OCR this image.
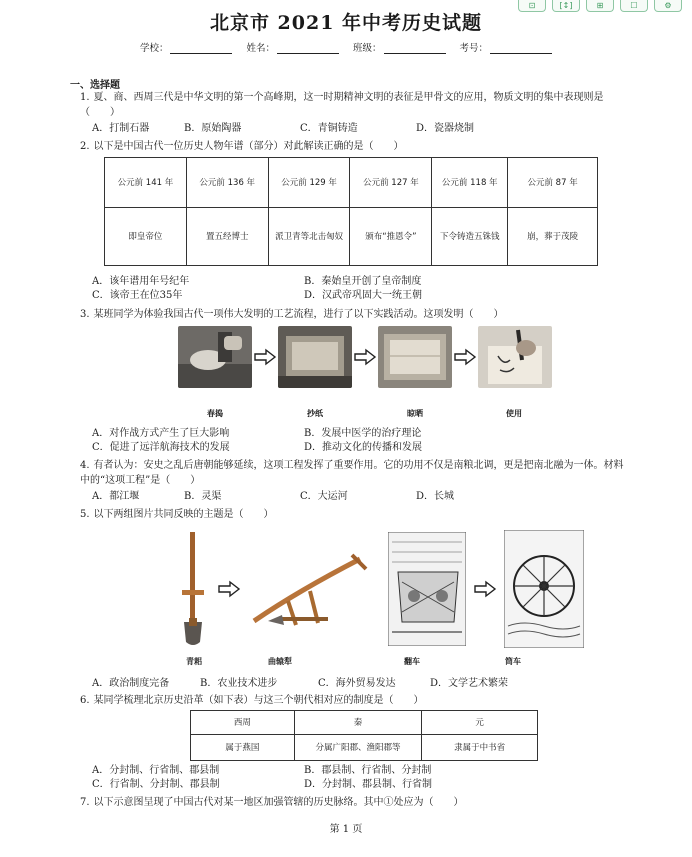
⊡	[↕]	⊞	☐	⚙
北京市 2021 年中考历史试题
学校：	姓名：	班级：	考号：
一、选择题
1. 夏、商、西周三代是中华文明的第一个高峰期，这一时期精神文明的表征是甲骨文的应用，物质文明的集中表现则是（　　）
A．打制石器	B．原始陶器	C．青铜铸造	D．瓷器烧制
2. 以下是中国古代一位历史人物年谱（部分）对此解读正确的是（　　）
公元前 141 年	公元前 136 年	公元前 129 年	公元前 127 年	公元前 118 年	公元前 87 年
即皇帝位	置五经博士	派卫青等北击匈奴	颁布“推恩令”	下令铸造五铢钱	崩，葬于茂陵
A．该年谱用年号纪年	B．秦始皇开创了皇帝制度
C．该帝王在位35年	D．汉武帝巩固大一统王朝
3. 某班同学为体验我国古代一项伟大发明的工艺流程，进行了以下实践活动。这项发明（　　）
春捣	抄纸	晾晒	使用
A．对作战方式产生了巨大影响	B．发展中医学的治疗理论
C．促进了远洋航海技术的发展	D．推动文化的传播和发展
4. 有者认为：安史之乱后唐朝能够延续，这项工程发挥了重要作用。它的功用不仅是南粮北调，更是把南北融为一体。材料中的“这项工程”是（　　）
A．都江堰	B．灵渠	C．大运河	D．长城
5. 以下两组图片共同反映的主题是（　　）
青耜	曲辕犁	翻车	筒车
A．政治制度完备	B．农业技术进步	C．海外贸易发达	D．文学艺术繁荣
6. 某同学梳理北京历史沿革（如下表）与这三个朝代相对应的制度是（　　）
西周	秦	元
属于燕国	分属广阳郡、渔阳郡等	隶属于中书省
A．分封制、行省制、郡县制	B．郡县制、行省制、分封制
C．行省制、分封制、郡县制	D．分封制、郡县制、行省制
7. 以下示意图呈现了中国古代对某一地区加强管辖的历史脉络。其中①处应为（　　）
第 1 页
